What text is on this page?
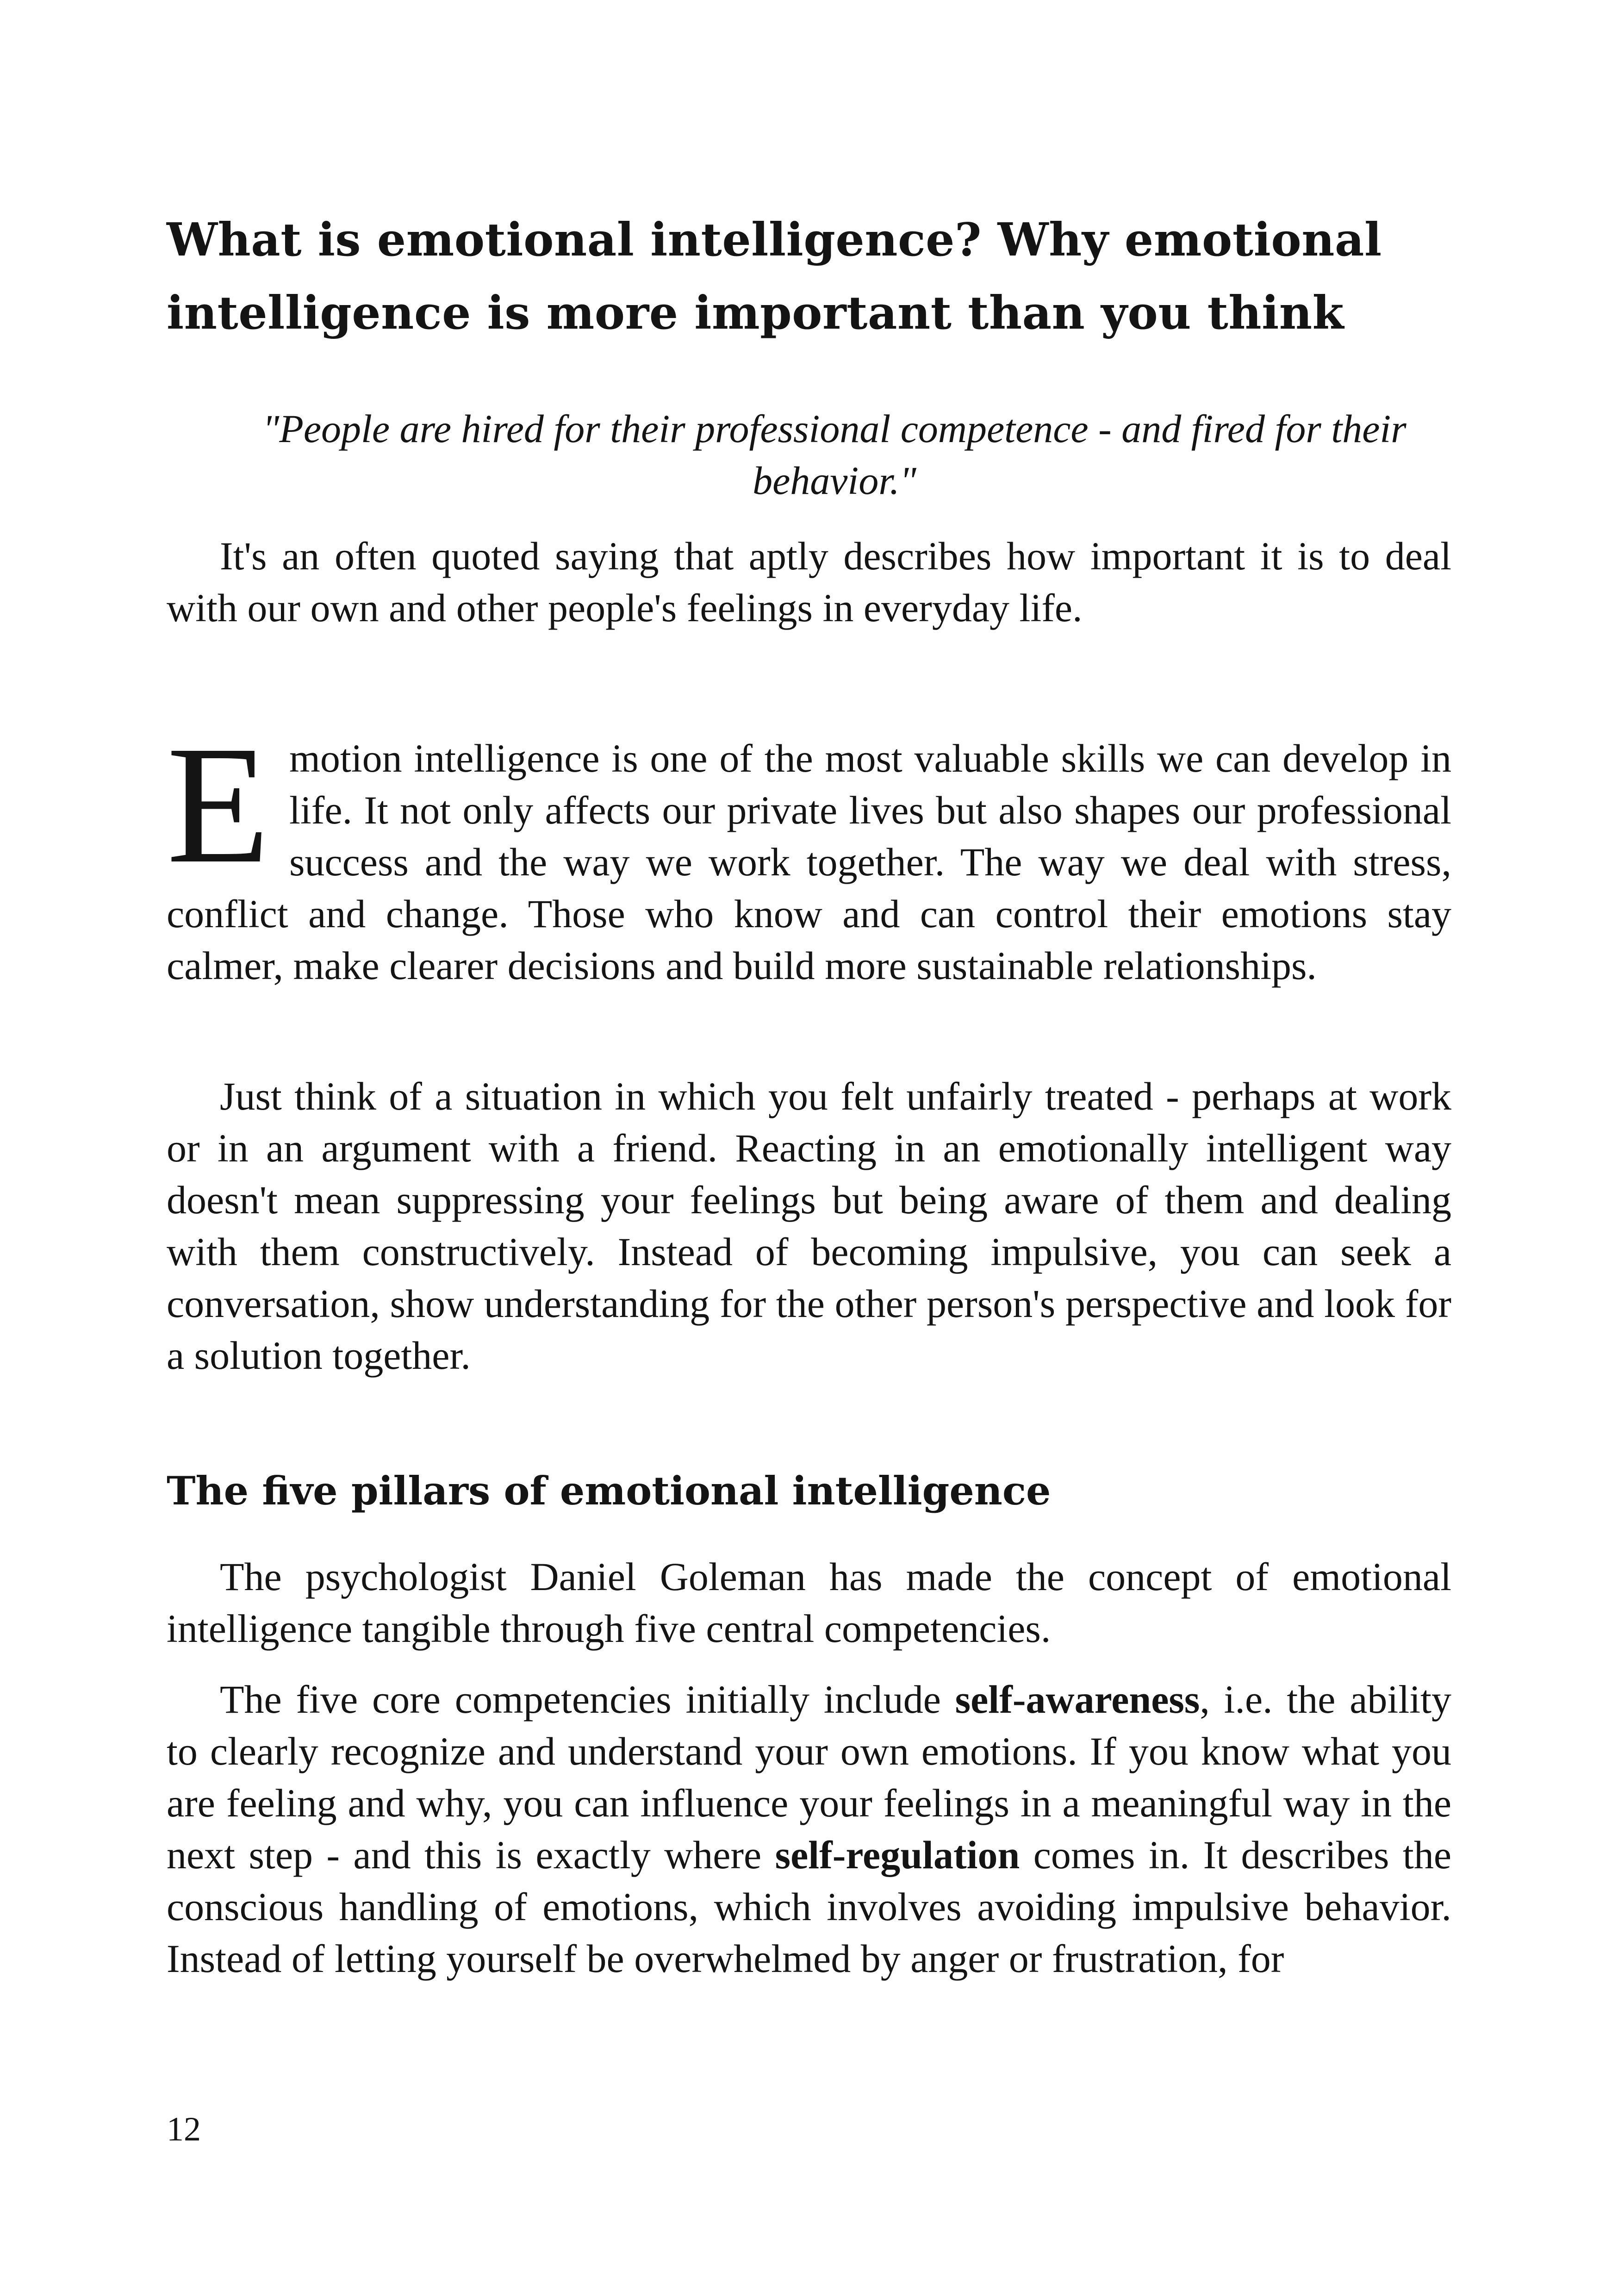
What is emotional intelligence? Why emotional intelligence is more important than you think
"People are hired for their professional competence - and fired for their behavior."

It's an often quoted saying that aptly describes how important it is to deal with our own and other people's feelings in everyday life.

Emotion intelligence is one of the most valuable skills we can develop in life. It not only affects our private lives but also shapes our professional success and the way we work together. The way we deal with stress, conflict and change. Those who know and can control their emotions stay calmer, make clearer decisions and build more sustainable relationships.

Just think of a situation in which you felt unfairly treated - perhaps at work or in an argument with a friend. Reacting in an emotionally intelligent way doesn't mean suppressing your feelings but being aware of them and dealing with them constructively. Instead of becoming impulsive, you can seek a conversation, show understanding for the other person's perspective and look for a solution together.

The five pillars of emotional intelligence

The psychologist Daniel Goleman has made the concept of emotional intelligence tangible through five central competencies.

The five core competencies initially include self-awareness, i.e. the ability to clearly recognize and understand your own emotions. If you know what you are feeling and why, you can influence your feelings in a meaningful way in the next step - and this is exactly where self-regulation comes in. It describes the conscious handling of emotions, which involves avoiding impulsive behavior. Instead of letting yourself be overwhelmed by anger or frustration, for

12
